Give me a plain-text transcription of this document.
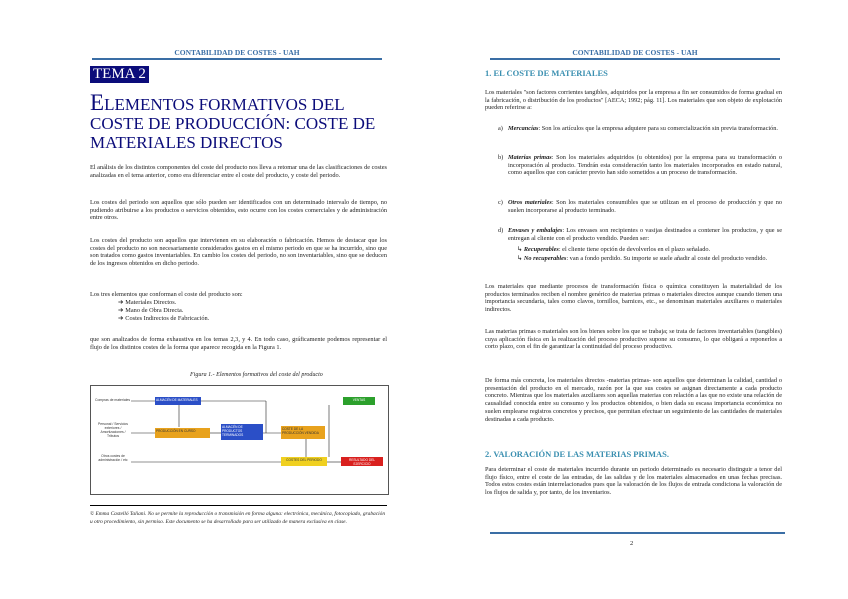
CONTABILIDAD DE COSTES - UAH
TEMA 2
ELEMENTOS FORMATIVOS DEL
COSTE DE PRODUCCIÓN: COSTE DE
MATERIALES DIRECTOS
El análisis de los distintos componentes del coste del producto nos lleva a retomar una de las clasificaciones de costes analizadas en el tema anterior, como era diferenciar entre el coste del producto, y coste del periodo.
Los costes del periodo son aquellos que sólo pueden ser identificados con un determinado intervalo de tiempo, no pudiendo atribuirse a los productos o servicios obtenidos, esto ocurre con los costes comerciales y de administración entre otros.
Los costes del producto son aquellos que intervienen en su elaboración o fabricación. Hemos de destacar que los costes del producto no son necesariamente considerados gastos en el mismo periodo en que se ha incurrido, sino que son tratados como gastos inventariables. En cambio los costes del periodo, no son inventariables, sino que se deducen de los ingresos obtenidos en dicho periodo.
Los tres elementos que conforman el coste del producto son:
➔ Materiales Directos.
➔ Mano de Obra Directa.
➔ Costes Indirectos de Fabricación.
que son analizados de forma exhaustiva en los temas 2,3, y 4. En todo caso, gráficamente podemos representar el flujo de los distintos costes de la forma que aparece recogida en la Figura 1.
Figura 1.- Elementos formativos del coste del producto
Compras de materiales
Personal / Servicios exteriores / Amortizaciones / Tributos
Otros costes de administración / etc
ALMACÉN DE MATERIALES
PRODUCCIÓN EN CURSO
ALMACÉN DE PRODUCTOS TERMINADOS
COSTE DE LA PRODUCCIÓN VENDIDA
VENTAS
COSTES DEL PERIODO	RESULTADO DEL EJERCICIO
© Emma Castelló Taliani. No se permite la reproducción o transmisión en forma alguna: electrónica, mecánica, fotocopiado, grabación u otro procedimiento, sin permiso. Este documento se ha desarrollado para ser utilizado de manera exclusiva en clase.
CONTABILIDAD DE COSTES - UAH
1. EL COSTE DE MATERIALES
Los materiales "son factores corrientes tangibles, adquiridos por la empresa a fin ser consumidos de forma gradual en la fabricación, o distribución de los productos" [AECA; 1992; pág. 11]. Los materiales que son objeto de explotación pueden referirse a:
a) Mercancías: Son los artículos que la empresa adquiere para su comercialización sin previa transformación.
b) Materias primas: Son los materiales adquiridos (u obtenidos) por la empresa para su transformación o incorporación al producto. Tendrán esta consideración tanto los materiales incorporados en estado natural, como aquellos que con carácter previo han sido sometidos a un proceso de transformación.
c) Otros materiales: Son los materiales consumibles que se utilizan en el proceso de producción y que no suelen incorporarse al producto terminado.
d) Envases y embalajes: Los envases son recipientes o vasijas destinados a contener los productos, y que se entregan al cliente con el producto vendido. Pueden ser:
↳ Recuperables: el cliente tiene opción de devolverlos en el plazo señalado.
↳ No recuperables: van a fondo perdido. Su importe se suele añadir al coste del producto vendido.
Los materiales que mediante procesos de transformación física o química constituyen la materialidad de los productos terminados reciben el nombre genérico de materias primas o materiales directos aunque cuando tienen una importancia secundaria, tales como clavos, tornillos, barnices, etc., se denominan materiales auxiliares o materiales indirectos.
Las materias primas o materiales son los bienes sobre los que se trabaja; se trata de factores inventariables (tangibles) cuya aplicación física en la realización del proceso productivo supone su consumo, lo que obligará a reponerlos a corto plazo, con el fin de garantizar la continuidad del proceso productivo.
De forma más concreta, los materiales directos -materias primas- son aquellos que determinan la calidad, cantidad o presentación del producto en el mercado, razón por la que sus costes se asignan directamente a cada producto concreto. Mientras que los materiales auxiliares son aquellas materias con relación a las que no existe una relación de causalidad conocida entre su consumo y los productos obtenidos, o bien dada su escasa importancia económica no suelen emplearse registros concretos y precisos, que permitan efectuar un seguimiento de las cantidades de materiales destinadas a cada producto.
2. VALORACIÓN DE LAS MATERIAS PRIMAS.
Para determinar el coste de materiales incurrido durante un periodo determinado es necesario distinguir a tenor del flujo físico, entre el coste de las entradas, de las salidas y de los materiales almacenados en unas fechas precisas. Todos estos costes están interrelacionados pues que la valoración de los flujos de entrada condiciona la valoración de los flujos de salida y, por tanto, de los inventarios.
2
